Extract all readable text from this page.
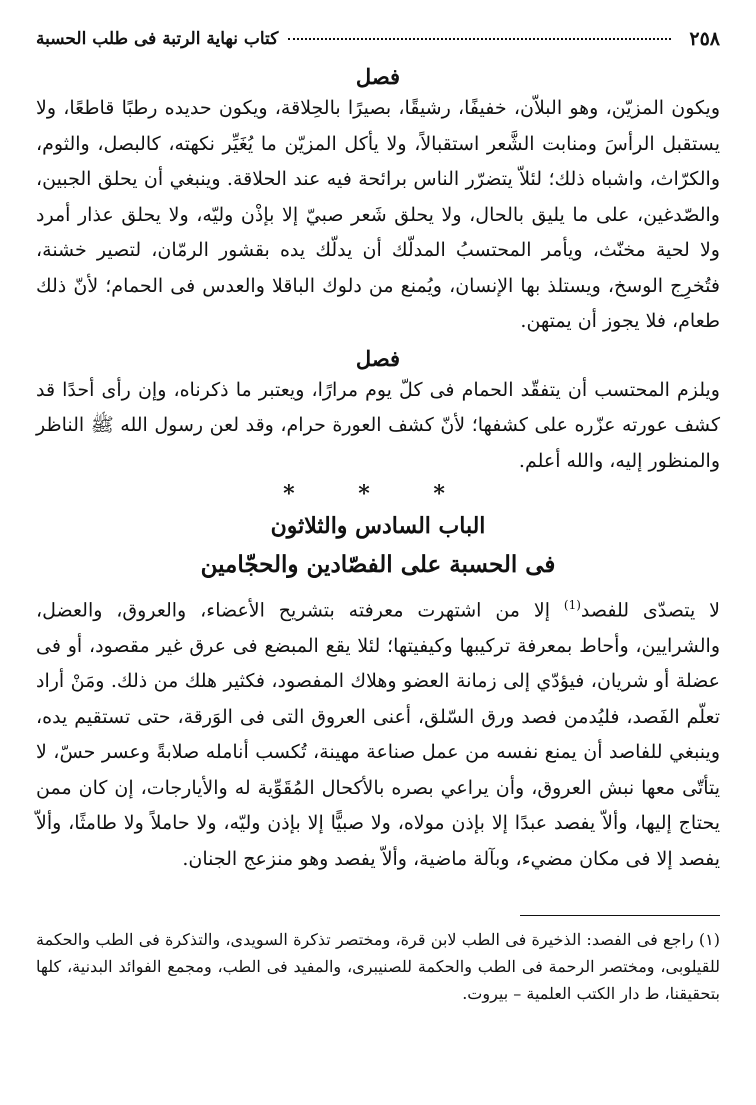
٢٥٨
كتاب نهاية الرتبة فى طلب الحسبة
فصل

ويكون المزيّن، وهو البلاّن، خفيفًا، رشيقًا، بصيرًا بالحِلاقة، ويكون حديده رطبًا قاطعًا، ولا يستقبل الرأسَ ومنابت الشَّعر استقبالاً، ولا يأكل المزيّن ما يُغَيِّر نكهته، كالبصل، والثوم، والكرّاث، واشباه ذلك؛ لئلاّ يتضرّر الناس برائحة فيه عند الحلاقة. وينبغي أن يحلق الجبين، والصّدغين، على ما يليق بالحال، ولا يحلق شَعر صبيّ إلا بإذْن وليّه، ولا يحلق عذار أمرد ولا لحية مخنّث، ويأمر المحتسبُ المدلّك أن يدلّك يده بقشور الرمّان، لتصير خشنة، فتُخرِج الوسخ، ويستلذ بها الإنسان، ويُمنع من دلوك الباقلا والعدس فى الحمام؛ لأنّ ذلك طعام، فلا يجوز أن يمتهن.

فصل

ويلزم المحتسب أن يتفقّد الحمام فى كلّ يوم مرارًا، ويعتبر ما ذكرناه، وإن رأى أحدًا قد كشف عورته عزّره على كشفها؛ لأنّ كشف العورة حرام، وقد لعن رسول الله ﷺ الناظر والمنظور إليه، والله أعلم.

* * *
الباب السادس والثلاثون
فى الحسبة على الفصّادين والحجّامين

لا يتصدّى للفصد$^{(1)}$ إلا من اشتهرت معرفته بتشريح الأعضاء، والعروق، والعضل، والشرايين، وأحاط بمعرفة تركيبها وكيفيتها؛ لئلا يقع المبضع فى عرق غير مقصود، أو فى عضلة أو شريان، فيؤدّي إلى زمانة العضو وهلاك المفصود، فكثير هلك من ذلك. ومَنْ أراد تعلّم الفَصد، فليُدمن فصد ورق السّلق، أعنى العروق التى فى الوَرقة، حتى تستقيم يده، وينبغي للفاصد أن يمنع نفسه من عمل صناعة مهينة، تُكسب أنامله صلابةً وعسر حسّ، لا يتأتّى معها نبش العروق، وأن يراعي بصره بالأكحال المُقَوِّية له والأيارجات، إن كان ممن يحتاج إليها، وألاّ يفصد عبدًا إلا بإذن مولاه، ولا صبيًّا إلا بإذن وليّه، ولا حاملاً ولا طامثًا، وألاّ يفصد إلا فى مكان مضيء، وبآلة ماضية، وألاّ يفصد وهو منزعج الجنان.

(١) راجع فى الفصد: الذخيرة فى الطب لابن قرة، ومختصر تذكرة السويدى، والتذكرة فى الطب والحكمة للقيلوبى، ومختصر الرحمة فى الطب والحكمة للصنيبرى، والمفيد فى الطب، ومجمع الفوائد البدنية، كلها بتحقيقنا، ط دار الكتب العلمية – بيروت.
